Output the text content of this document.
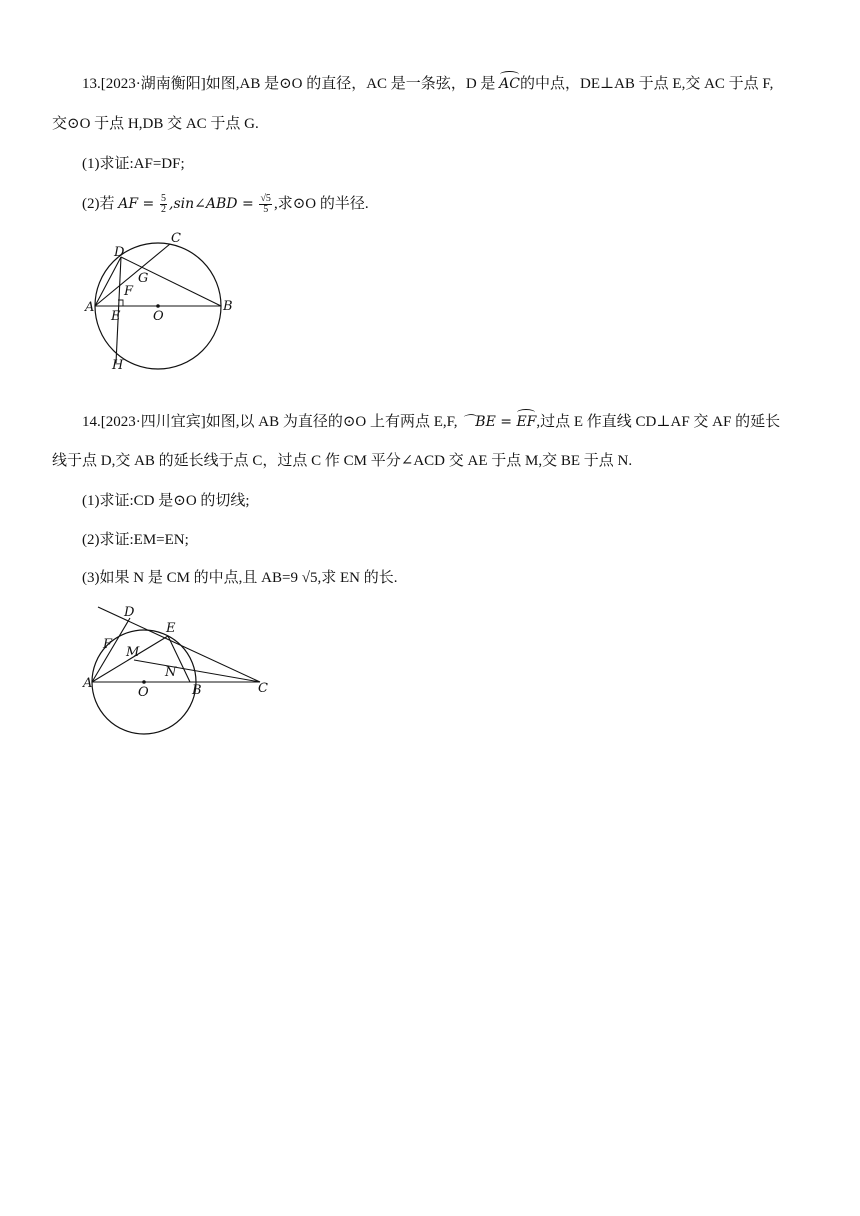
13.[2023·湖南衡阳]如图,AB 是⊙O 的直径，AC 是一条弦，D 是 AC的中点，DE⊥AB 于点 E,交 AC 于点 F,
交⊙O 于点 H,DB 交 AC 于点 G.
(1)求证:AF=DF;
(2)若 AF = $\frac{5}{2}$ ,sin∠ABD = $\frac{√5}{5}$ ,求⊙O 的半径.
D
C
G
F
A
E	O
B
H
14.[2023·四川宜宾]如图,以 AB 为直径的⊙O 上有两点 E,F, ⌒BE = EF,过点 E 作直线 CD⊥AF 交 AF 的延长
线于点 D,交 AB 的延长线于点 C，过点 C 作 CM 平分∠ACD 交 AE 于点 M,交 BE 于点 N.
(1)求证:CD 是⊙O 的切线;
(2)求证:EM=EN;
(3)如果 N 是 CM 的中点,且 AB=9 √5,求 EN 的长.
D
E
F
M
N
A
O	B	C
